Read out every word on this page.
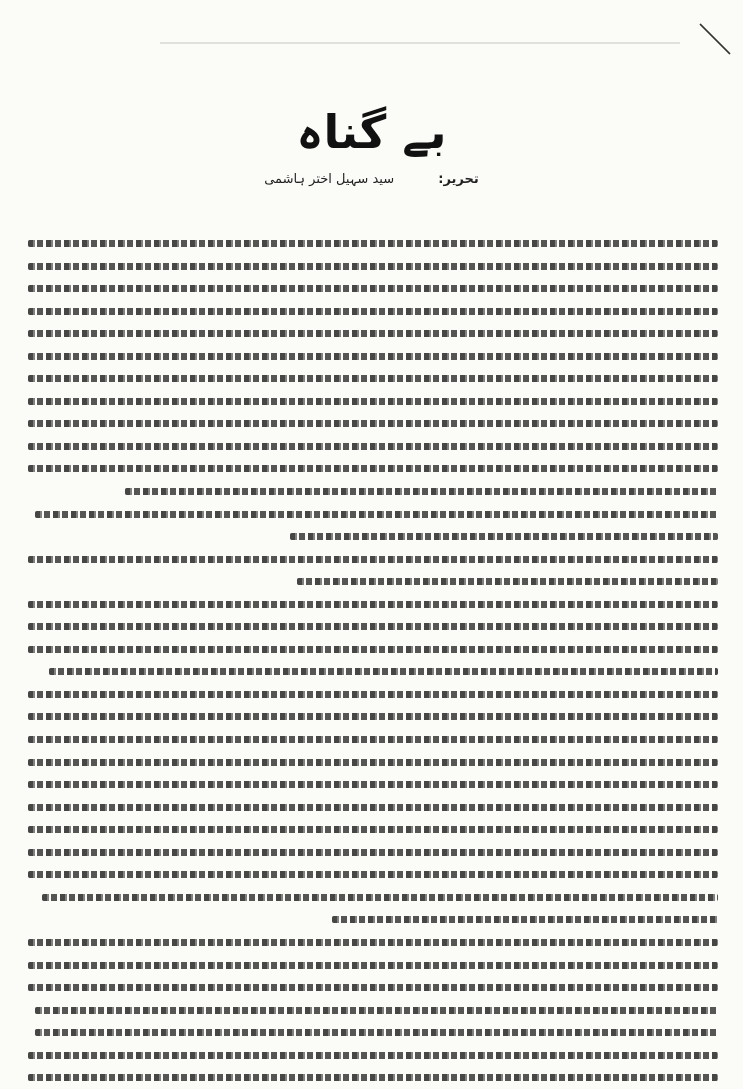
بے گناہ
تحریر: سید سہیل اختر ہاشمی
